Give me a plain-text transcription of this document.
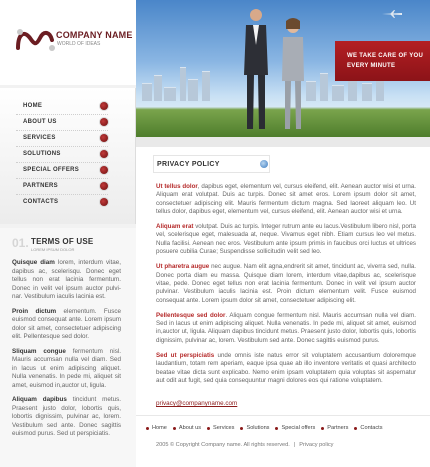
COMPANY NAME
WORLD OF IDEAS
HOME
ABOUT US
SERVICES
SOLUTIONS
SPECIAL OFFERS
PARTNERS
CONTACTS
01. TERMS OF USE
LOREM IPSUM DOLOR

Quisque diam lorem, interdum vitae, dapibus ac, scelerisqu. Donec eget tellus non erat lacinia fermentum. Donec in velit vel ipsum auctor pulvi-nar. Vestibulum iaculis lacinia est.

Proin dictum elementum. Fusce euismod consequat ante. Lorem ipsum dolor sit amet, consectetuer adipiscing elit. Pellentesque sed dolor.

Sliquam congue fermentum nisl. Mauris accumsan nulla vel diam. Sed in lacus ut enim adipiscing aliquet. Nulla venenatis. In pede mi, aliquet sit amet, euismod in,auctor ut, ligula.

Aliquam dapibus tincidunt metus. Praesent justo dolor, lobortis quis, lobortis dignissim, pulvinar ac, lorem. Vestibulum sed ante. Donec sagittis euismod purus. Sed ut perspiciatis.

WE TAKE CARE OF YOU
EVERY MINUTE
PRIVACY POLICY

Ut tellus dolor, dapibus eget, elementum vel, cursus eleifend, elit. Aenean auctor wisi et urna. Aliquam erat volutpat. Duis ac turpis. Donec sit amet eros. Lorem ipsum dolor sit amet, consectetuer adipiscing elit. Mauris fermentum dictum magna. Sed laoreet aliquam leo. Ut tellus dolor, dapibus eget, elementum vel, cursus eleifend, elit. Aenean auctor wisi et urna.

Aliquam erat volutpat. Duis ac turpis. Integer rutrum ante eu lacus.Vestibulum libero nisl, porta vel, scelerisque eget, malesuada at, neque. Vivamus eget nibh. Etiam cursus leo vel metus. Nulla facilisi. Aenean nec eros. Vestibulum ante ipsum primis in faucibus orci luctus et ultrices posuere cubilia Curae; Suspendisse sollicitudin velit sed leo.

Ut pharetra augue nec augue. Nam elit agna,endrerit sit amet, tincidunt ac, viverra sed, nulla. Donec porta diam eu massa. Quisque diam lorem, interdum vitae,dapibus ac, scelerisque vitae, pede. Donec eget tellus non erat lacinia fermentum. Donec in velit vel ipsum auctor pulvinar. Vestibulum iaculis lacinia est. Proin dictum elementum velit. Fusce euismod consequat ante. Lorem ipsum dolor sit amet, consectetuer adipiscing elit.

Pellentesque sed dolor. Aliquam congue fermentum nisl. Mauris accumsan nulla vel diam. Sed in lacus ut enim adipiscing aliquet. Nulla venenatis. In pede mi, aliquet sit amet, euismod in,auctor ut, ligula. Aliquam dapibus tincidunt metus. Praesent justo dolor, lobortis quis, lobortis dignissim, pulvinar ac, lorem. Vestibulum sed ante. Donec sagittis euismod purus.

Sed ut perspiciatis unde omnis iste natus error sit voluptatem accusantium doloremque laudantium, totam rem aperiam, eaque ipsa quae ab illo inventore veritatis et quasi architecto beatae vitae dicta sunt explicabo. Nemo enim ipsam voluptatem quia voluptas sit aspernatur aut odit aut fugit, sed quia consequuntur magni dolores eos qui ratione voluptatem.

privacy@companyname.com
Home About us Services Solutions Special offers Partners Contacts
2005 © Copyright Company name. All rights reserved. | Privacy policy
